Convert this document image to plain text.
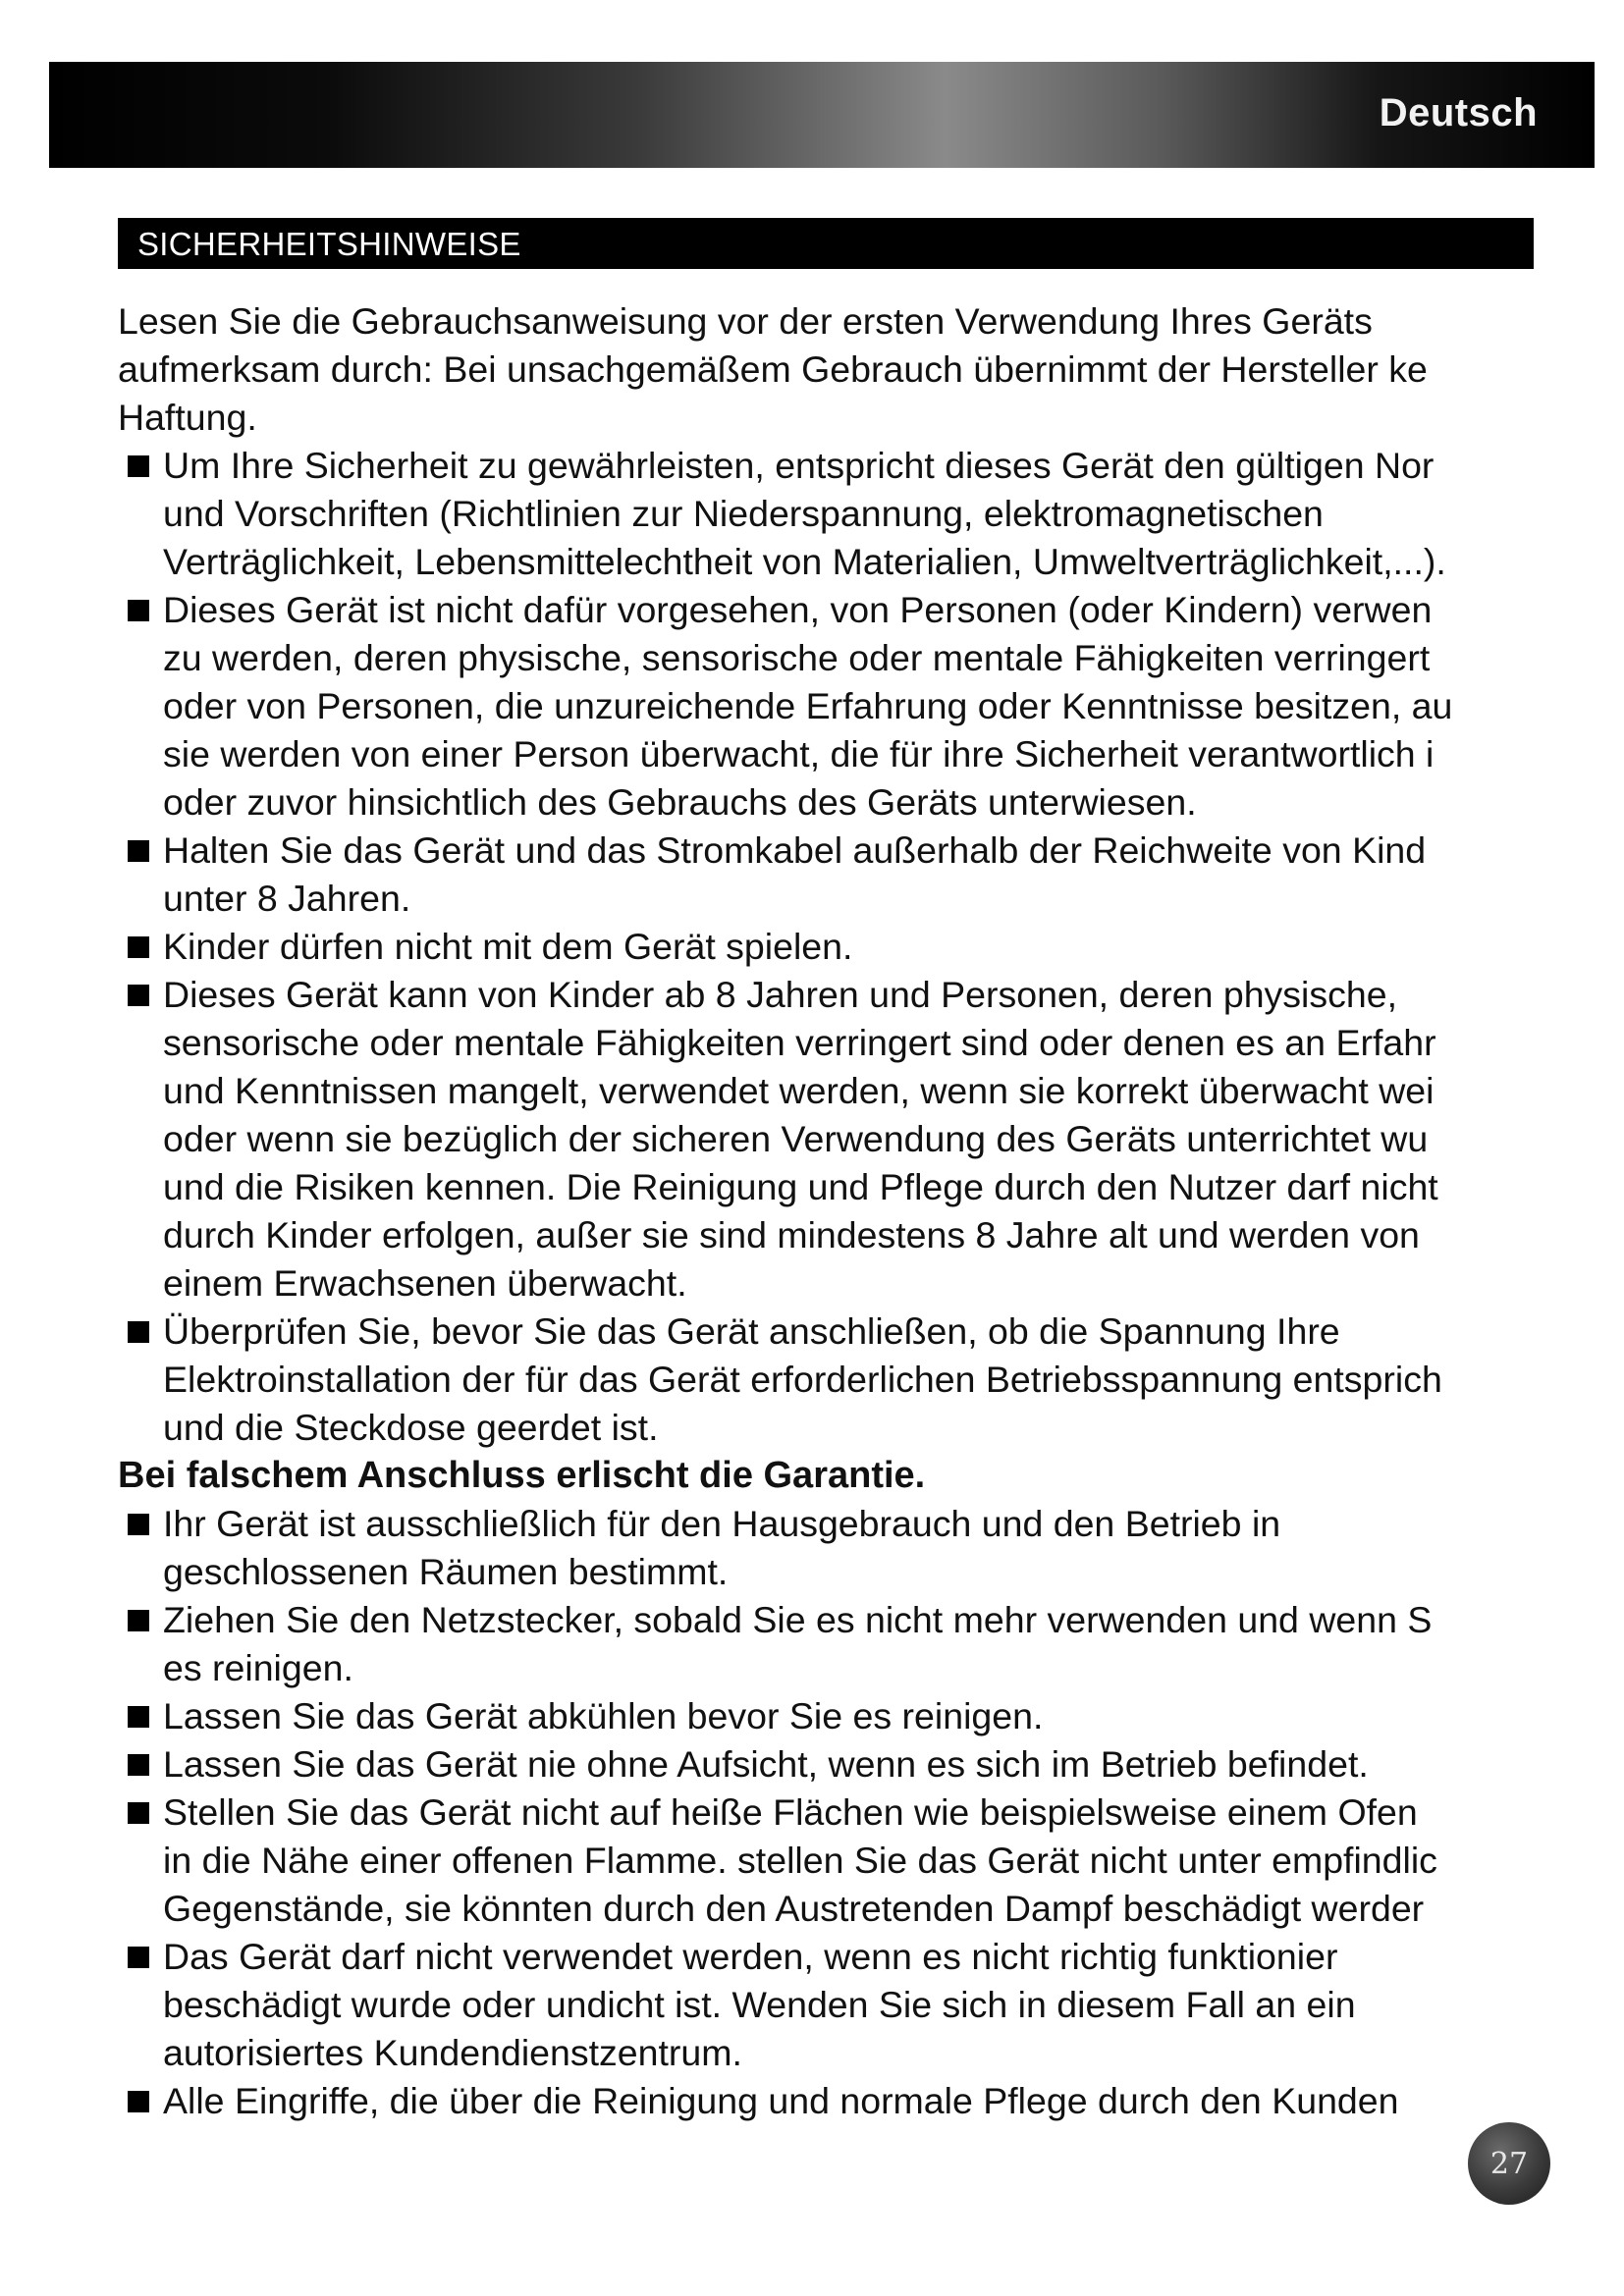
Deutsch
SICHERHEITSHINWEISE

Lesen Sie die Gebrauchsanweisung vor der ersten Verwendung Ihres Geräts

aufmerksam durch: Bei unsachgemäßem Gebrauch übernimmt der Hersteller ke

Haftung.

Um Ihre Sicherheit zu gewährleisten, entspricht dieses Gerät den gültigen Nor
und Vorschriften (Richtlinien zur Niederspannung, elektromagnetischen
Verträglichkeit, Lebensmittelechtheit von Materialien, Umweltverträglichkeit,...).
Dieses Gerät ist nicht dafür vorgesehen, von Personen (oder Kindern) verwen
zu werden, deren physische, sensorische oder mentale Fähigkeiten verringert
oder von Personen, die unzureichende Erfahrung oder Kenntnisse besitzen, au
sie werden von einer Person überwacht, die für ihre Sicherheit verantwortlich i
oder zuvor hinsichtlich des Gebrauchs des Geräts unterwiesen.
Halten Sie das Gerät und das Stromkabel außerhalb der Reichweite von Kind
unter 8 Jahren.
Kinder dürfen nicht mit dem Gerät spielen.
Dieses Gerät kann von Kinder ab 8 Jahren und Personen, deren physische,
sensorische oder mentale Fähigkeiten verringert sind oder denen es an Erfahr
und Kenntnissen mangelt, verwendet werden, wenn sie korrekt überwacht wei
oder wenn sie bezüglich der sicheren Verwendung des Geräts unterrichtet wu
und die Risiken kennen. Die Reinigung und Pflege durch den Nutzer darf nicht
durch Kinder erfolgen, außer sie sind mindestens 8 Jahre alt und werden von
einem Erwachsenen überwacht.
Überprüfen Sie, bevor Sie das Gerät anschließen, ob die Spannung Ihre
Elektroinstallation der für das Gerät erforderlichen Betriebsspannung entsprich
und die Steckdose geerdet ist.

Bei falschem Anschluss erlischt die Garantie.

Ihr Gerät ist ausschließlich für den Hausgebrauch und den Betrieb in
geschlossenen Räumen bestimmt.
Ziehen Sie den Netzstecker, sobald Sie es nicht mehr verwenden und wenn S
es reinigen.
Lassen Sie das Gerät abkühlen bevor Sie es reinigen.
Lassen Sie das Gerät nie ohne Aufsicht, wenn es sich im Betrieb befindet.
Stellen Sie das Gerät nicht auf heiße Flächen wie beispielsweise einem Ofen
in die Nähe einer offenen Flamme. stellen Sie das Gerät nicht unter empfindlic
Gegenstände, sie könnten durch den Austretenden Dampf beschädigt werder
Das Gerät darf nicht verwendet werden, wenn es nicht richtig funktionier
beschädigt wurde oder undicht ist. Wenden Sie sich in diesem Fall an ein
autorisiertes Kundendienstzentrum.
Alle Eingriffe, die über die Reinigung und normale Pflege durch den Kunden
27
